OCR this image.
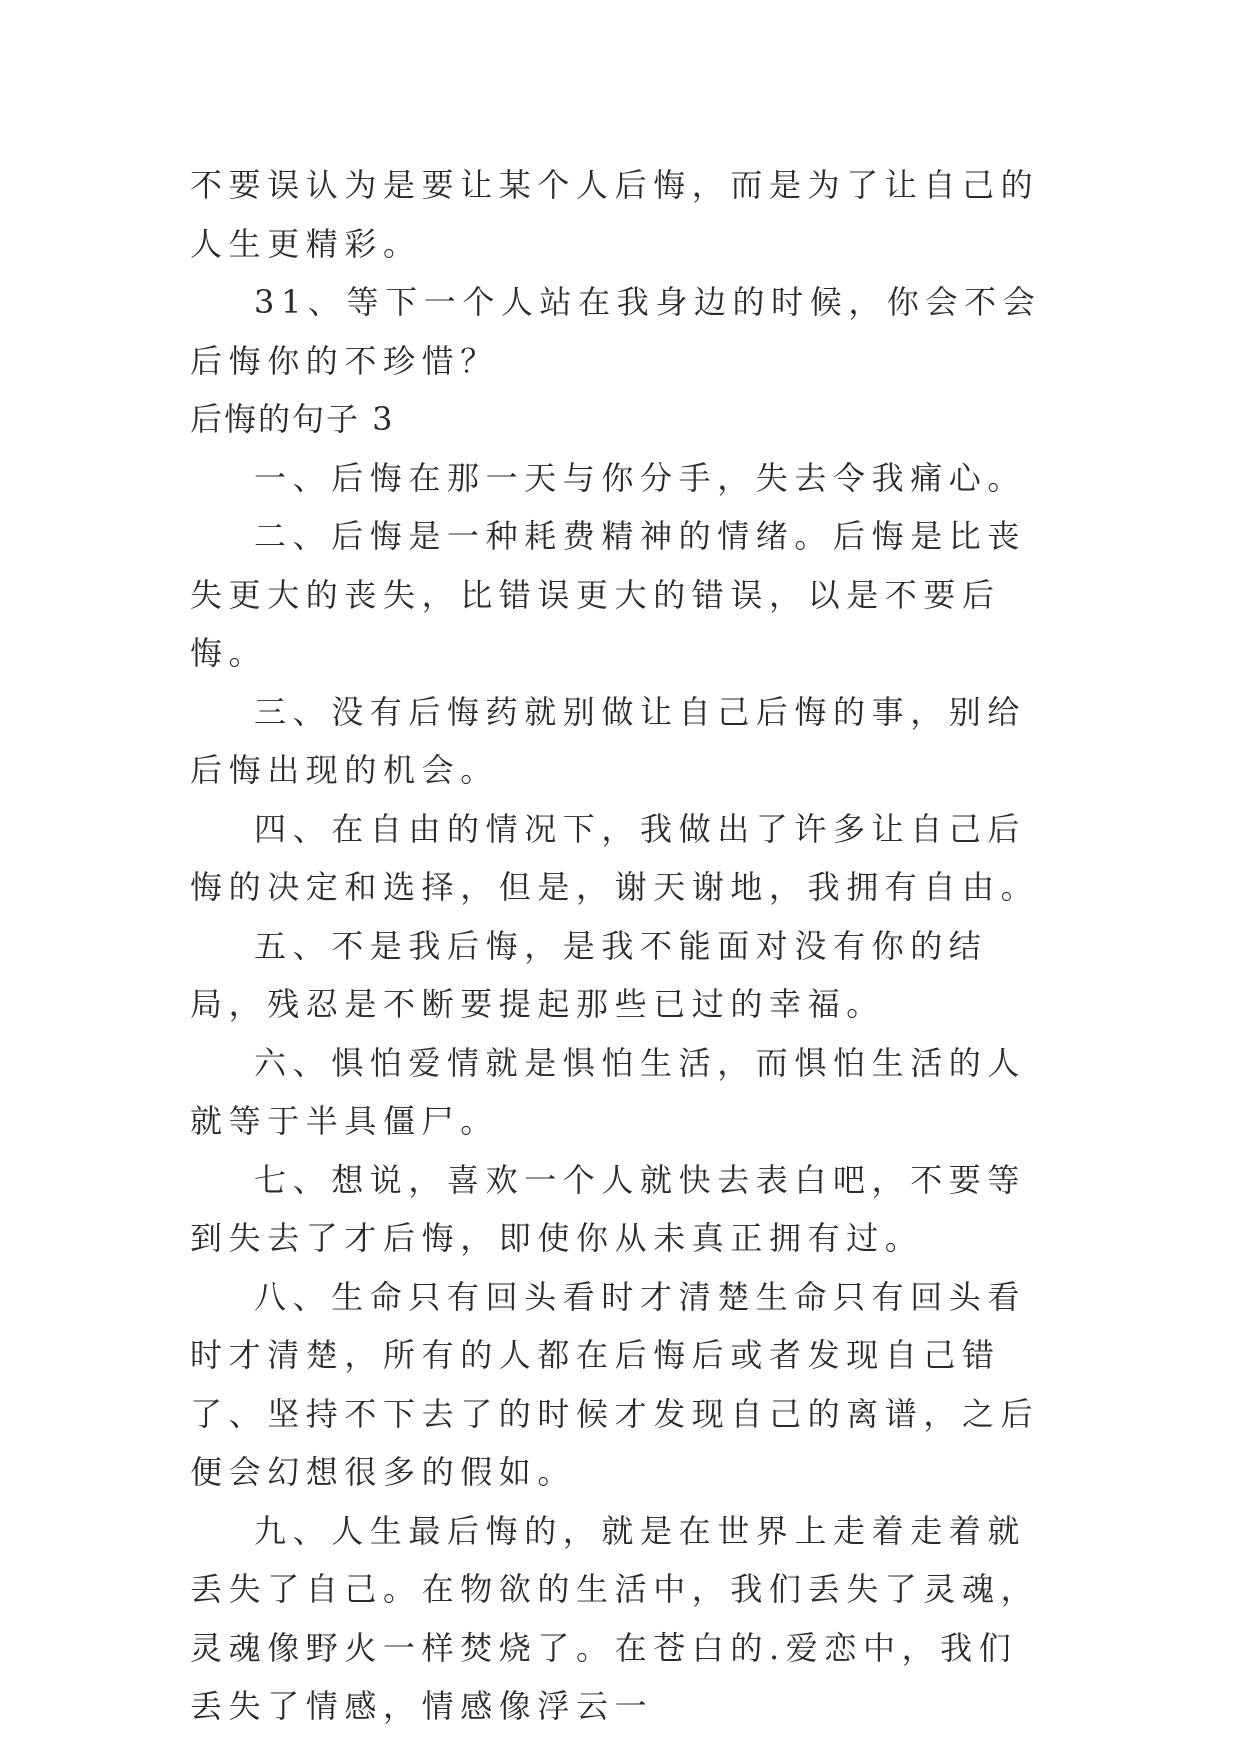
不要误认为是要让某个人后悔，而是为了让自己的人生更精彩。

31、等下一个人站在我身边的时候，你会不会后悔你的不珍惜？

后悔的句子 3

一、后悔在那一天与你分手，失去令我痛心。

二、后悔是一种耗费精神的情绪。后悔是比丧失更大的丧失，比错误更大的错误，以是不要后悔。

三、没有后悔药就别做让自己后悔的事，别给后悔出现的机会。

四、在自由的情况下，我做出了许多让自己后悔的决定和选择，但是，谢天谢地，我拥有自由。

五、不是我后悔，是我不能面对没有你的结局，残忍是不断要提起那些已过的幸福。

六、惧怕爱情就是惧怕生活，而惧怕生活的人就等于半具僵尸。

七、想说，喜欢一个人就快去表白吧，不要等到失去了才后悔，即使你从未真正拥有过。

八、生命只有回头看时才清楚生命只有回头看时才清楚，所有的人都在后悔后或者发现自己错了、坚持不下去了的时候才发现自己的离谱，之后便会幻想很多的假如。

九、人生最后悔的，就是在世界上走着走着就丢失了自己。在物欲的生活中，我们丢失了灵魂，灵魂像野火一样焚烧了。在苍白的.爱恋中，我们丢失了情感，情感像浮云一
